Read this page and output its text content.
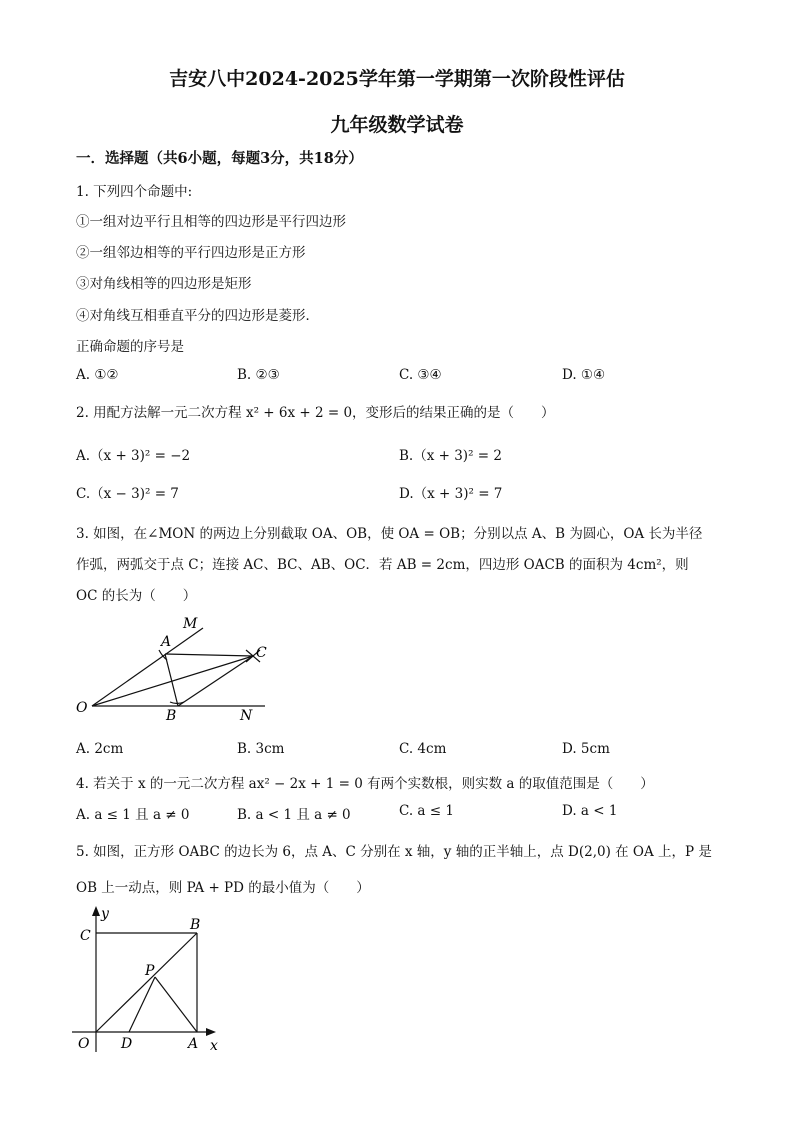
吉安八中2024-2025学年第一学期第一次阶段性评估
九年级数学试卷
一．选择题（共6小题，每题3分，共18分）
1. 下列四个命题中:
①一组对边平行且相等的四边形是平行四边形
②一组邻边相等的平行四边形是正方形
③对角线相等的四边形是矩形
④对角线互相垂直平分的四边形是菱形．
正确命题的序号是
A. ①②	B. ②③	C. ③④	D. ①④
2. 用配方法解一元二次方程 x² + 6x + 2 = 0，变形后的结果正确的是（　　）
A.（x + 3)² = −2	B.（x + 3)² = 2
C.（x − 3)² = 7	D.（x + 3)² = 7
3. 如图，在∠MON 的两边上分别截取 OA、OB，使 OA = OB；分别以点 A、B 为圆心，OA 长为半径
作弧，两弧交于点 C；连接 AC、BC、AB、OC．若 AB = 2cm，四边形 OACB 的面积为 4cm²，则
OC 的长为（　　）
M
A
C
O	B	N
A. 2cm	B. 3cm	C. 4cm	D. 5cm
4. 若关于 x 的一元二次方程 ax² − 2x + 1 = 0 有两个实数根，则实数 a 的取值范围是（　　）
A. a ≤ 1 且 a ≠ 0	B. a < 1 且 a ≠ 0	C. a ≤ 1	D. a < 1
5. 如图，正方形 OABC 的边长为 6，点 A、C 分别在 x 轴，y 轴的正半轴上，点 D(2,0) 在 OA 上，P 是
OB 上一动点，则 PA + PD 的最小值为（　　）
y
C
B
P
O D	A x
